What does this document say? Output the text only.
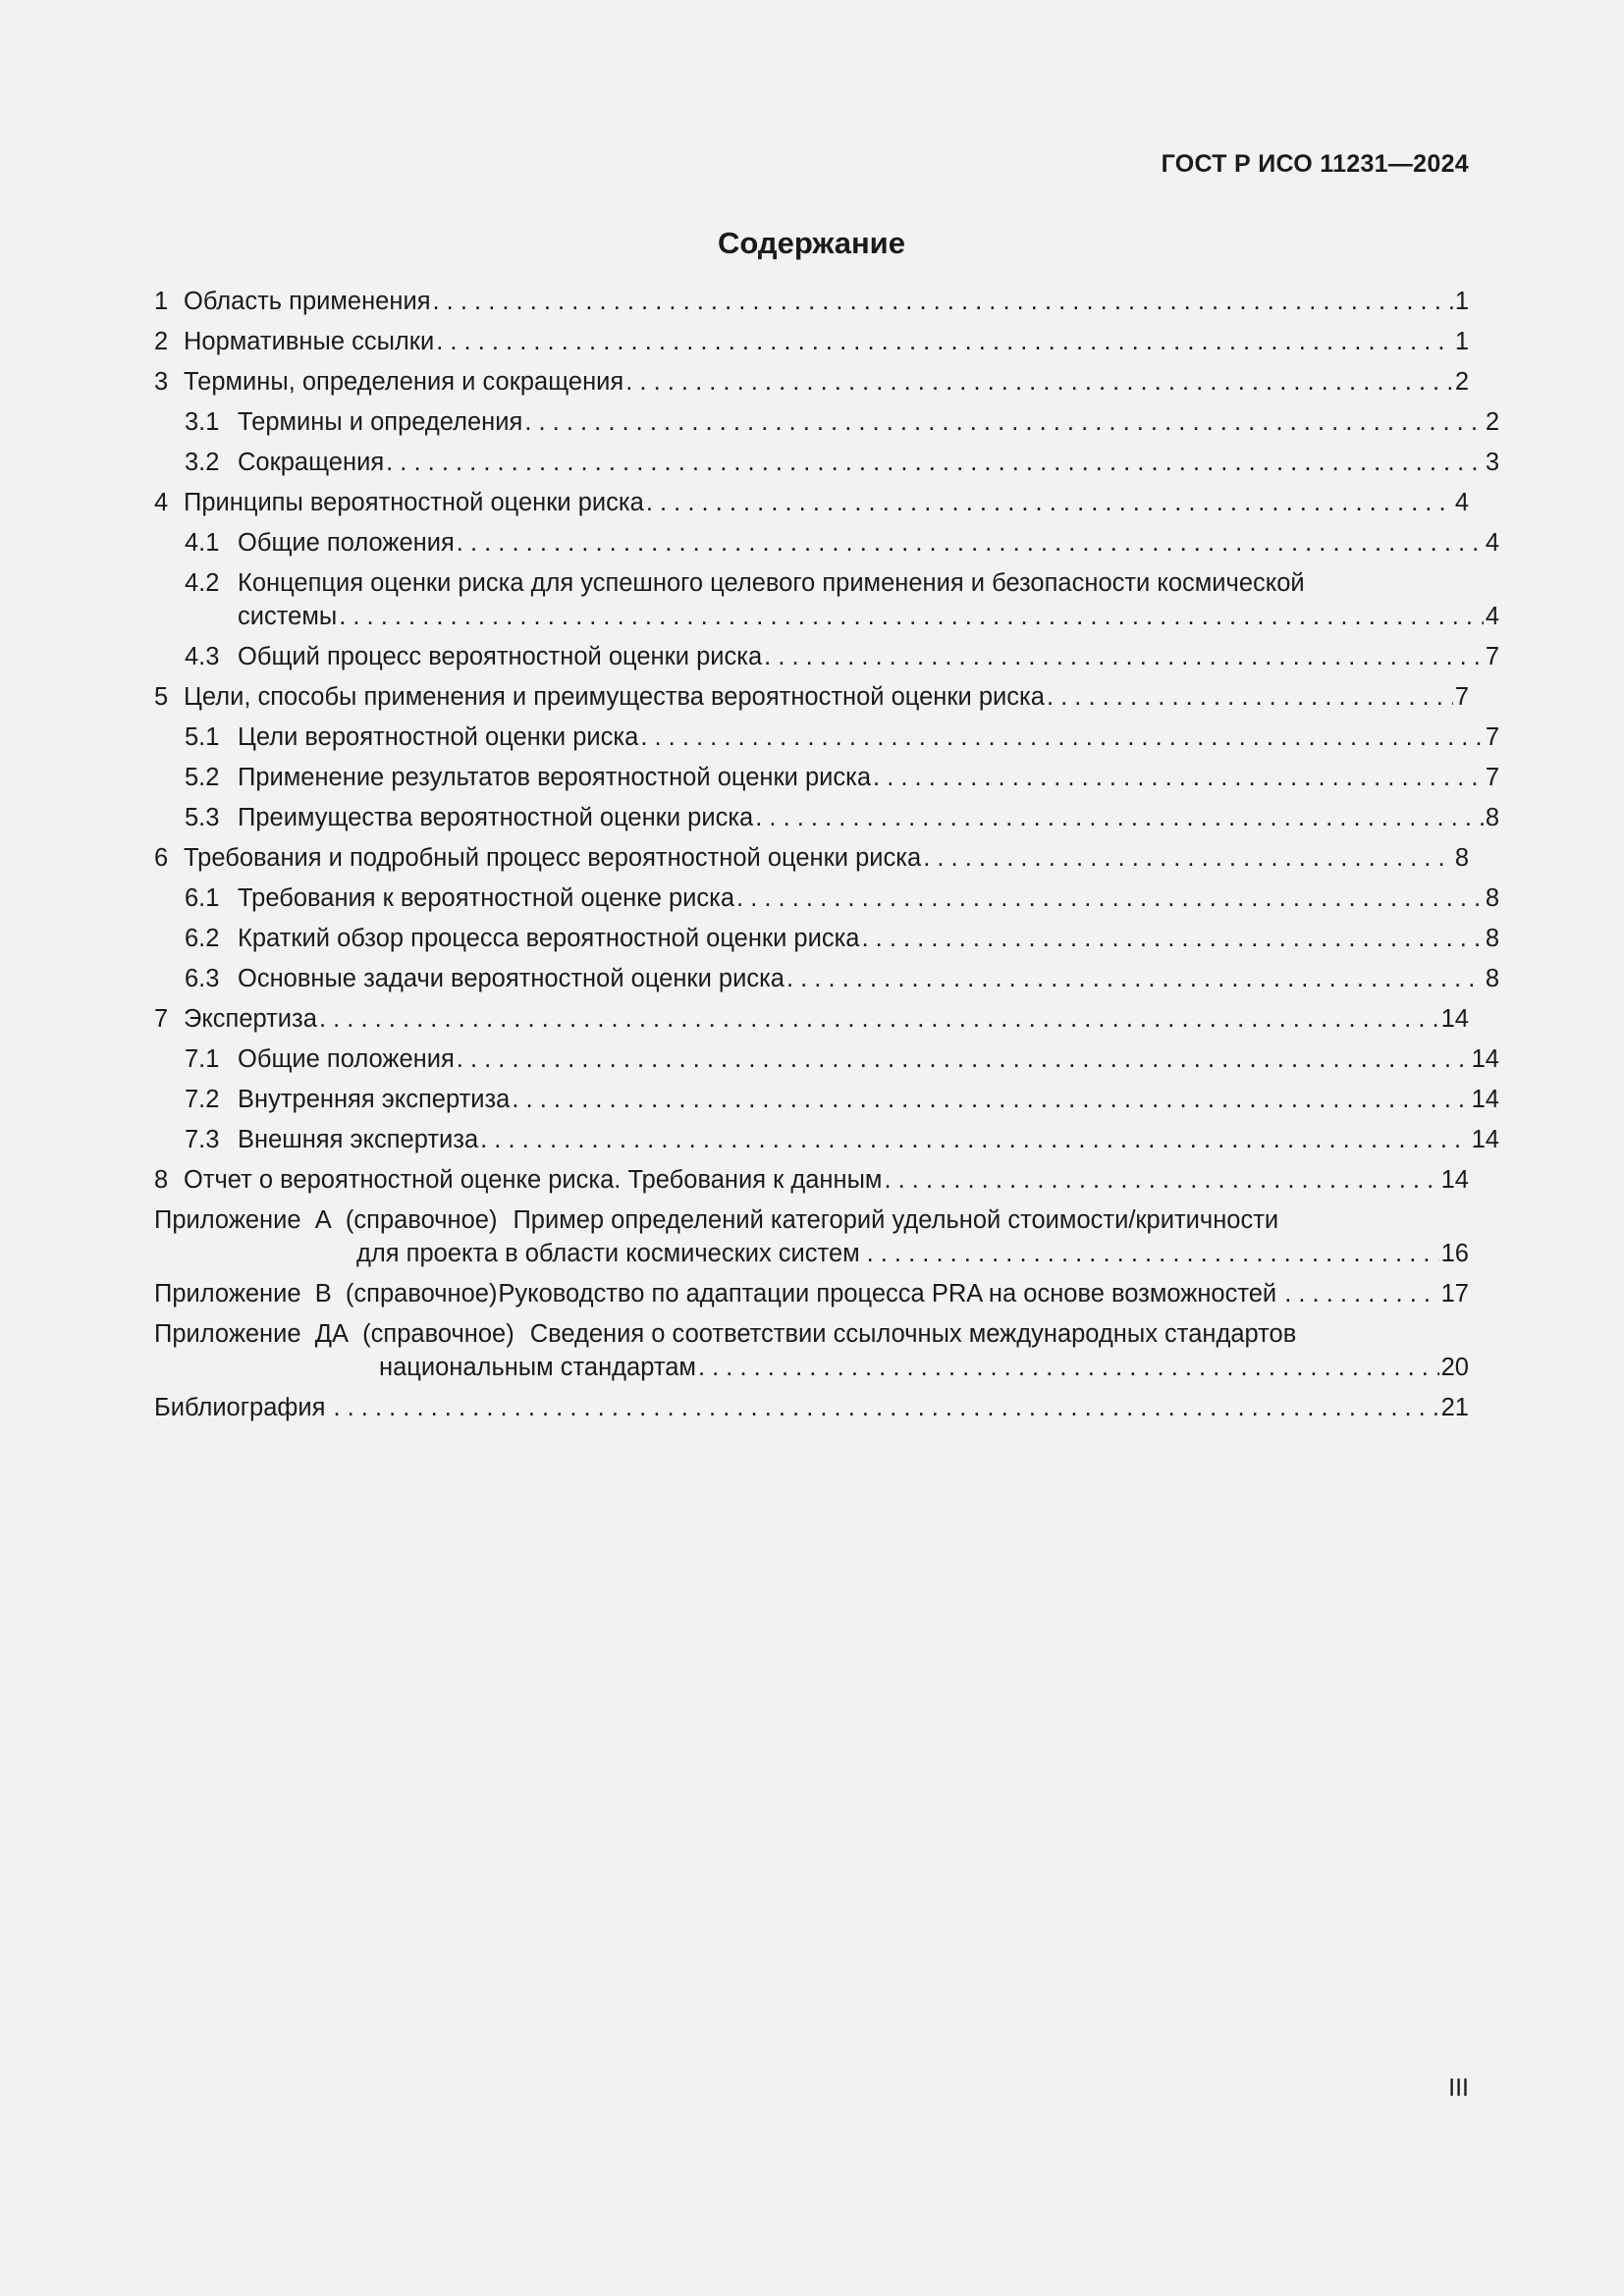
ГОСТ Р ИСО 11231—2024
Содержание
1 Область применения . . .	1
2 Нормативные ссылки . . .	1
3 Термины, определения и сокращения . . .	2
3.1 Термины и определения . . .	2
3.2 Сокращения . . .	3
4 Принципы вероятностной оценки риска . . .	4
4.1 Общие положения . . .	4
4.2 Концепция оценки риска для успешного целевого применения и безопасности космической
системы . . .	4
4.3 Общий процесс вероятностной оценки риска . . .	7
5 Цели, способы применения и преимущества вероятностной оценки риска . . .	7
5.1 Цели вероятностной оценки риска . . .	7
5.2 Применение результатов вероятностной оценки риска . . .	7
5.3 Преимущества вероятностной оценки риска . . .	8
6 Требования и подробный процесс вероятностной оценки риска . . .	8
6.1 Требования к вероятностной оценке риска . . .	8
6.2 Краткий обзор процесса вероятностной оценки риска . . .	8
6.3 Основные задачи вероятностной оценки риска . . .	8
7 Экспертиза . . .	14
7.1 Общие положения . . .	14
7.2 Внутренняя экспертиза . . .	14
7.3 Внешняя экспертиза . . .	14
8 Отчет о вероятностной оценке риска. Требования к данным . . .	14
Приложение  А  (справочное) Пример определений категорий удельной стоимости/критичности
для проекта в области космических систем . . .	16
Приложение  В  (справочное) Руководство по адаптации процесса PRA на основе возможностей . . .	17
Приложение  ДА  (справочное) Сведения о соответствии ссылочных международных стандартов
национальным стандартам . . .	20
Библиография . . .	21
III
